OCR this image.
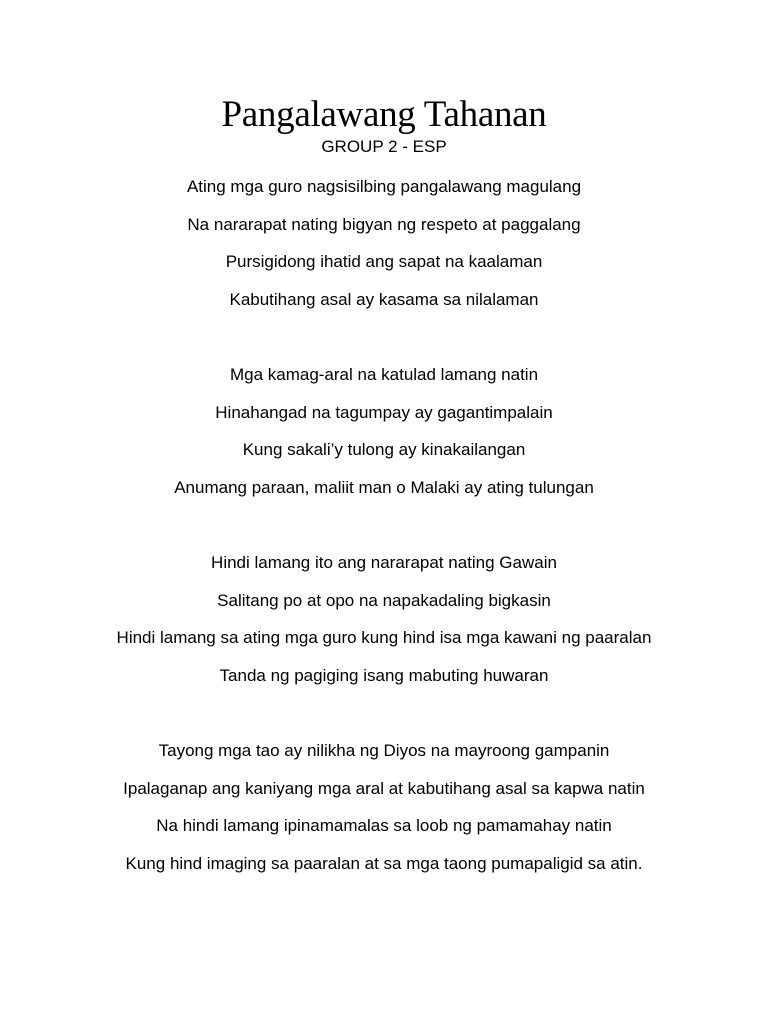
Pangalawang Tahanan
GROUP 2 - ESP
Ating mga guro nagsisilbing pangalawang magulang
Na nararapat nating bigyan ng respeto at paggalang
Pursigidong ihatid ang sapat na kaalaman
Kabutihang asal ay kasama sa nilalaman
Mga kamag-aral na katulad lamang natin
Hinahangad na tagumpay ay gagantimpalain
Kung sakali’y tulong ay kinakailangan
Anumang paraan, maliit man o Malaki ay ating tulungan
Hindi lamang ito ang nararapat nating Gawain
Salitang po at opo na napakadaling bigkasin
Hindi lamang sa ating mga guro kung hind isa mga kawani ng paaralan
Tanda ng pagiging isang mabuting huwaran
Tayong mga tao ay nilikha ng Diyos na mayroong gampanin
Ipalaganap ang kaniyang mga aral at kabutihang asal sa kapwa natin
Na hindi lamang ipinamamalas sa loob ng pamamahay natin
Kung hind imaging sa paaralan at sa mga taong pumapaligid sa atin.
